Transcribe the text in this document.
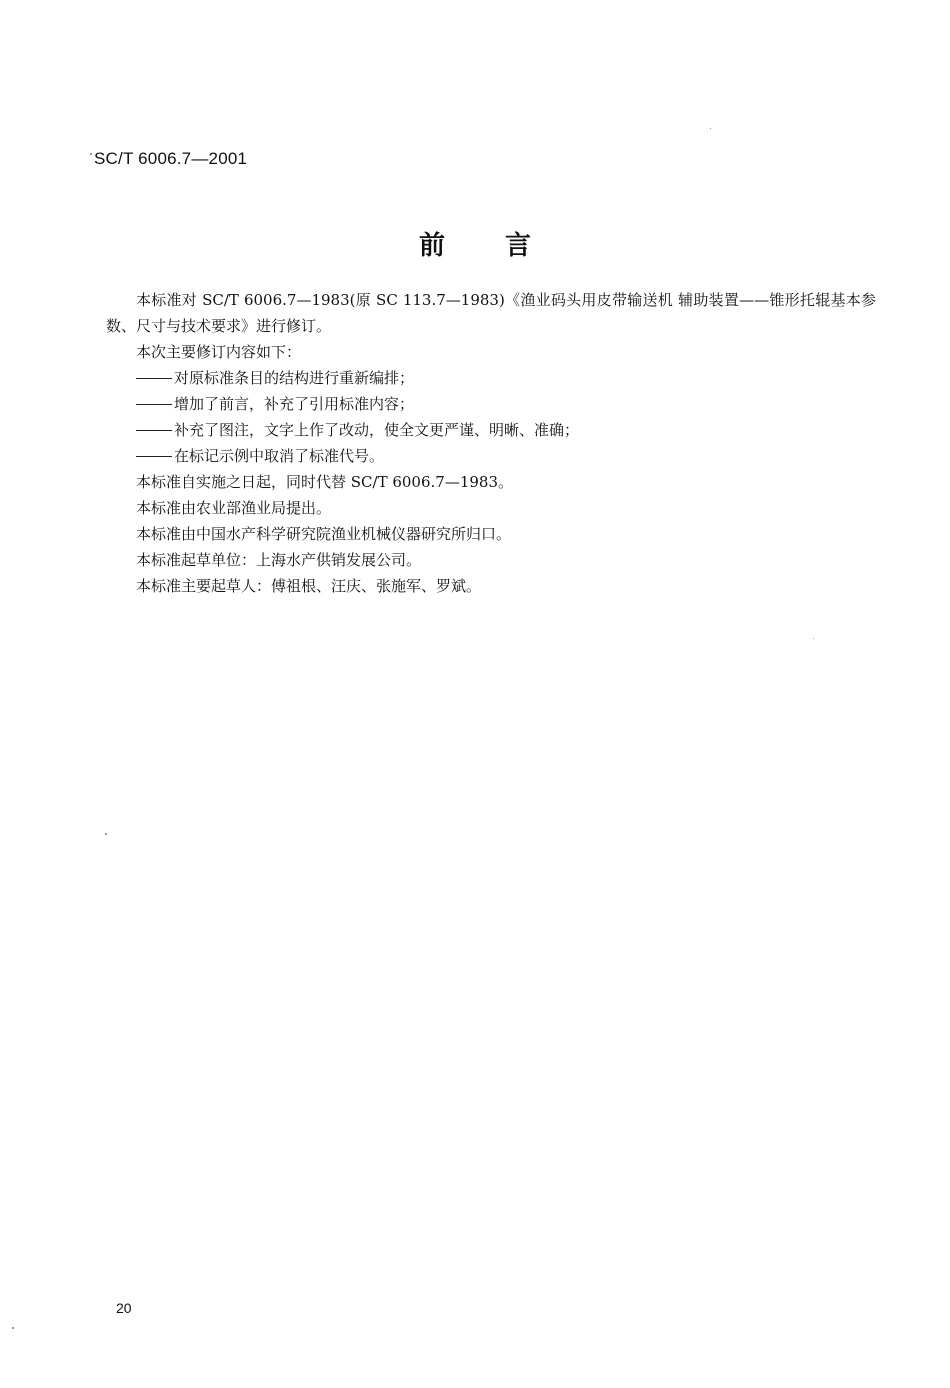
SC/T 6006.7—2001
前言

本标准对 SC/T 6006.7—1983(原 SC 113.7—1983)《渔业码头用皮带输送机 辅助装置——锥形托辊基本参数、尺寸与技术要求》进行修订。

本次主要修订内容如下：

对原标准条目的结构进行重新编排；

增加了前言，补充了引用标准内容；

补充了图注，文字上作了改动，使全文更严谨、明晰、准确；

在标记示例中取消了标准代号。

本标准自实施之日起，同时代替 SC/T 6006.7—1983。

本标准由农业部渔业局提出。

本标准由中国水产科学研究院渔业机械仪器研究所归口。

本标准起草单位：上海水产供销发展公司。

本标准主要起草人：傅祖根、汪庆、张施军、罗斌。

20
